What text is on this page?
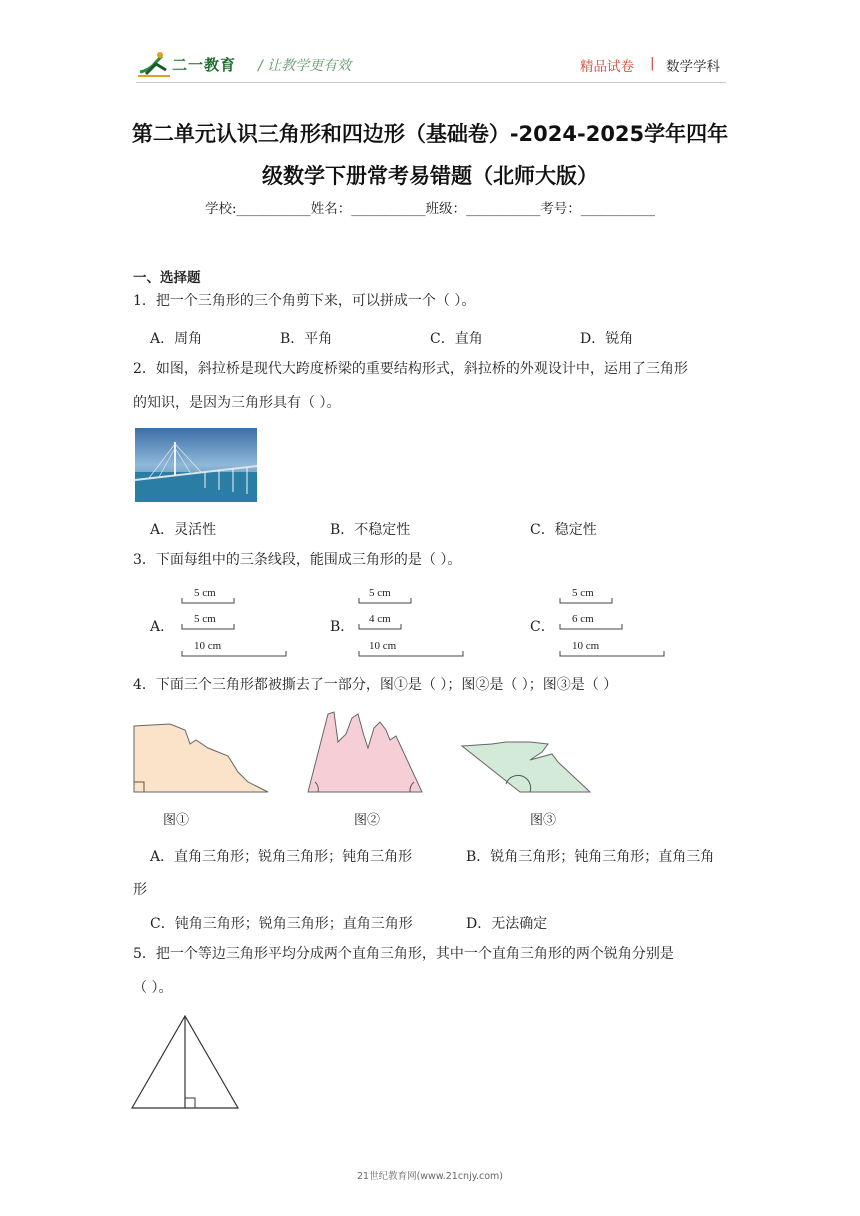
二一教育 / 让教学更有效	精品试卷 | 数学学科
第二单元认识三角形和四边形（基础卷）-2024-2025学年四年
级数学下册常考易错题（北师大版）
学校:___________姓名：___________班级：___________考号：___________
一、选择题
1．把一个三角形的三个角剪下来，可以拼成一个（ ）。
A．周角	B．平角	C．直角	D．锐角
2．如图，斜拉桥是现代大跨度桥梁的重要结构形式，斜拉桥的外观设计中，运用了三角形
的知识，是因为三角形具有（ ）。
A．灵活性	B．不稳定性	C．稳定性
3．下面每组中的三条线段，能围成三角形的是（ ）。
A．	B．	C．
5 cm
5 cm
10 cm
5 cm
4 cm
10 cm
5 cm
6 cm
10 cm
4．下面三个三角形都被撕去了一部分，图①是（ ）；图②是（ ）；图③是（ ）
图①	图②	图③
A．直角三角形；锐角三角形；钝角三角形	B．锐角三角形；钝角三角形；直角三角
形
C．钝角三角形；锐角三角形；直角三角形	D．无法确定
5．把一个等边三角形平均分成两个直角三角形，其中一个直角三角形的两个锐角分别是
（ ）。
21世纪教育网(www.21cnjy.com)
